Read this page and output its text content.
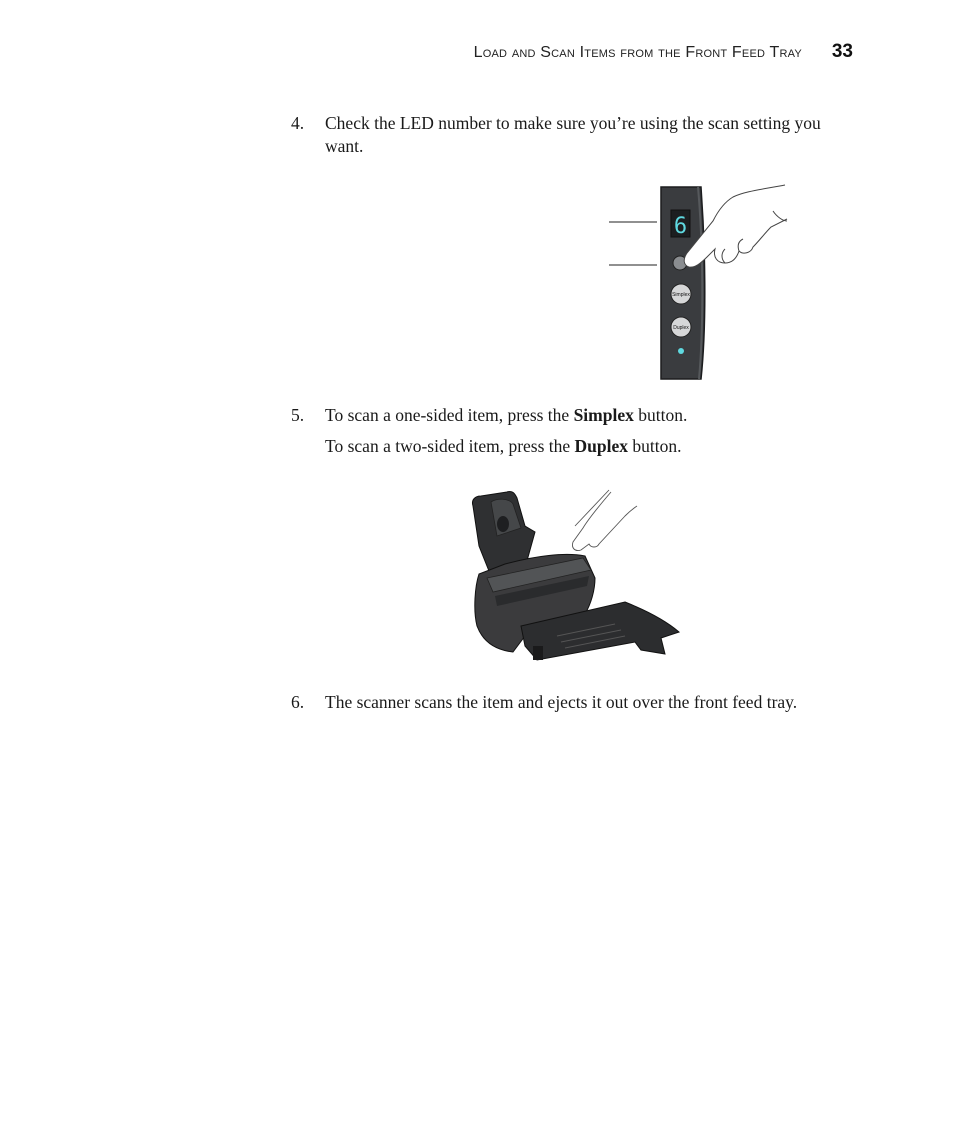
Load and Scan Items from the Front Feed Tray 33
4. Check the LED number to make sure you’re using the scan setting you want.
6
Simplex
Duplex
5. To scan a one-sided item, press the Simplex button.
To scan a two-sided item, press the Duplex button.
6. The scanner scans the item and ejects it out over the front feed tray.
